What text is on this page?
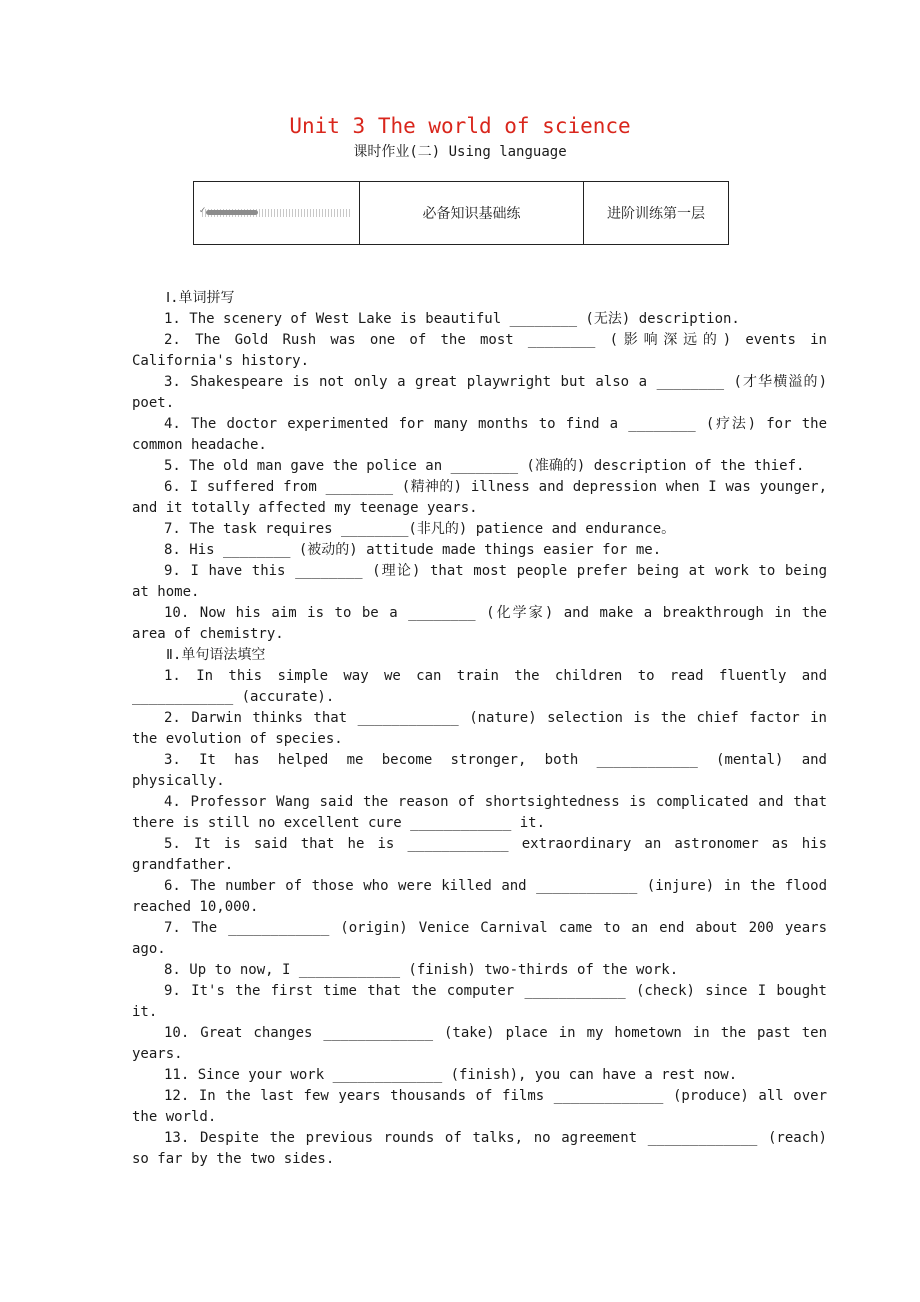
Unit 3 The world of science
课时作业(二) Using language
✓	必备知识基础练	进阶训练第一层

Ⅰ.单词拼写

1. The scenery of West Lake is beautiful ________ (无法) description.

2. The Gold Rush was one of the most ________ (影响深远的) events in California's history.

3. Shakespeare is not only a great playwright but also a ________ (才华横溢的) poet.

4. The doctor experimented for many months to find a ________ (疗法) for the common headache.

5. The old man gave the police an ________ (准确的) description of the thief.

6. I suffered from ________ (精神的) illness and depression when I was younger, and it totally affected my teenage years.

7. The task requires ________(非凡的) patience and endurance。

8. His ________ (被动的) attitude made things easier for me.

9. I have this ________ (理论) that most people prefer being at work to being at home.

10. Now his aim is to be a ________ (化学家) and make a breakthrough in the area of chemistry.

Ⅱ.单句语法填空

1. In this simple way we can train the children to read fluently and ____________ (accurate).

2. Darwin thinks that ____________ (nature) selection is the chief factor in the evolution of species.

3. It has helped me become stronger, both ____________ (mental) and physically.

4. Professor Wang said the reason of shortsightedness is complicated and that there is still no excellent cure ____________ it.

5. It is said that he is ____________ extraordinary an astronomer as his grandfather.

6. The number of those who were killed and ____________ (injure) in the flood reached 10,000.

7. The ____________ (origin) Venice Carnival came to an end about 200 years ago.

8. Up to now, I ____________ (finish) two-thirds of the work.

9. It's the first time that the computer ____________ (check) since I bought it.

10. Great changes _____________ (take) place in my hometown in the past ten years.

11. Since your work _____________ (finish), you can have a rest now.

12. In the last few years thousands of films _____________ (produce) all over the world.

13. Despite the previous rounds of talks, no agreement _____________ (reach) so far by the two sides.
